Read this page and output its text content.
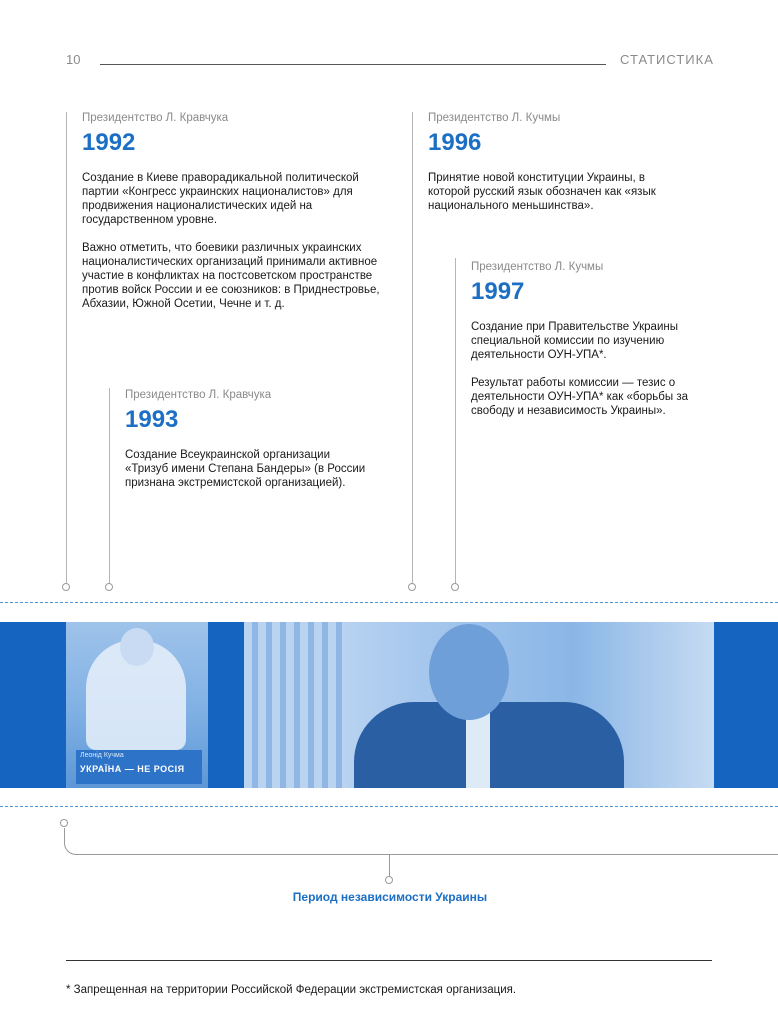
10	СТАТИСТИКА
Президентство Л. Кравчука
1992
Создание в Киеве праворадикальной политической партии «Конгресс украинских националистов» для продвижения националистических идей на государственном уровне.
Важно отметить, что боевики различных украинских националистических организаций принимали активное участие в конфликтах на постсоветском пространстве против войск России и ее союзников: в Приднестровье, Абхазии, Южной Осетии, Чечне и т. д.
Президентство Л. Кравчука
1993
Создание Всеукраинской организации «Тризуб имени Степана Бандеры» (в России признана экстремистской организацией).
Президентство Л. Кучмы
1996
Принятие новой конституции Украины, в которой русский язык обозначен как «язык национального меньшинства».
Президентство Л. Кучмы
1997
Создание при Правительстве Украины специальной комиссии по изучению деятельности ОУН-УПА*.
Результат работы комиссии — тезис о деятельности ОУН-УПА* как «борьбы за свободу и независимость Украины».
Леонід Кучма
УКРАЇНА — НЕ РОСІЯ
Период независимости Украины
* Запрещенная на территории Российской Федерации экстремистская организация.
